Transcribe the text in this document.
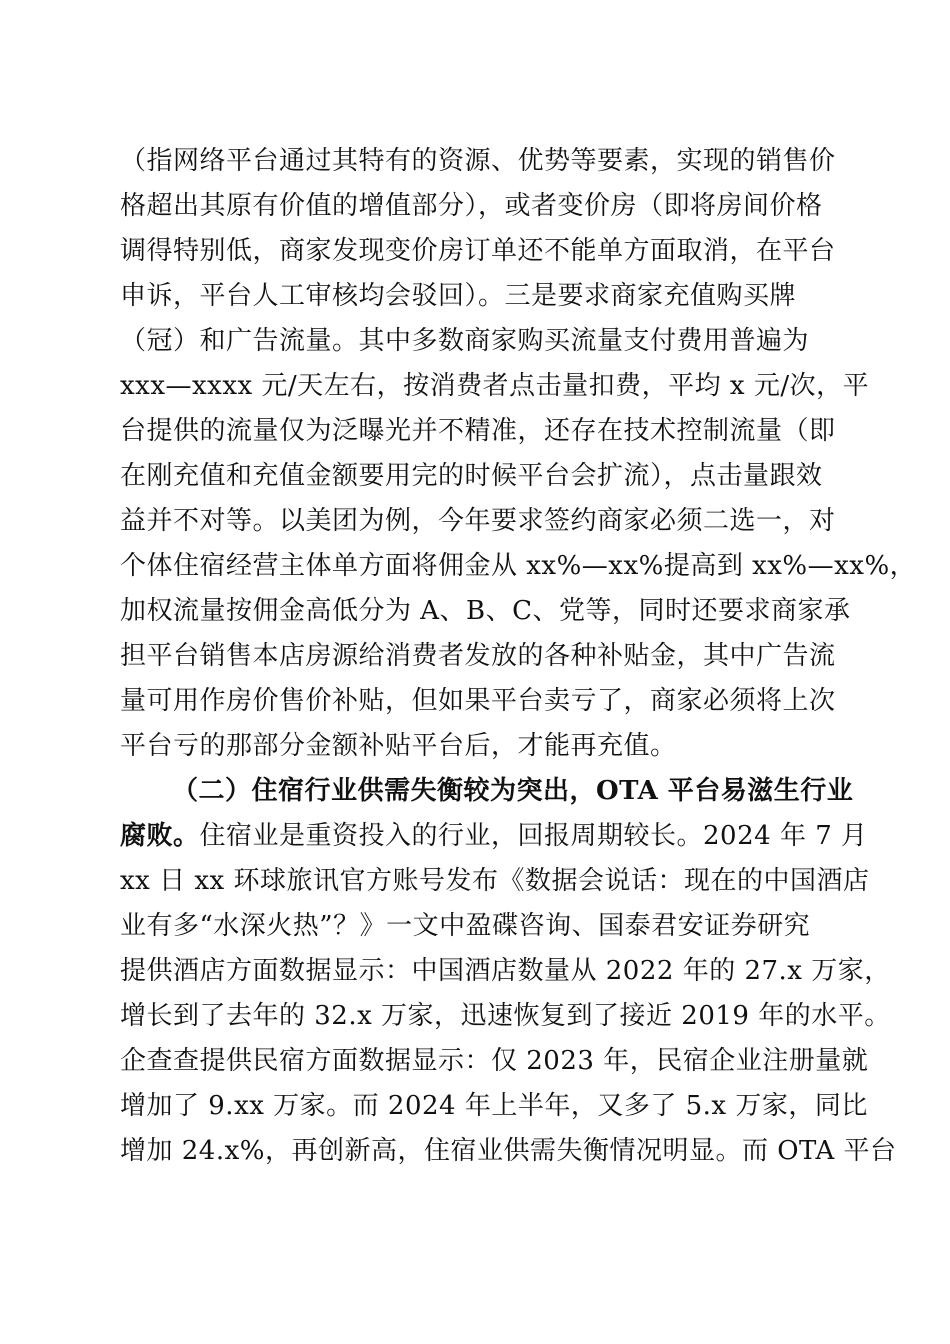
（指网络平台通过其特有的资源、优势等要素，实现的销售价
格超出其原有价值的增值部分），或者变价房（即将房间价格
调得特别低，商家发现变价房订单还不能单方面取消，在平台
申诉，平台人工审核均会驳回）。三是要求商家充值购买牌
（冠）和广告流量。其中多数商家购买流量支付费用普遍为
xxx—xxxx 元/天左右，按消费者点击量扣费，平均 x 元/次，平
台提供的流量仅为泛曝光并不精准，还存在技术控制流量（即
在刚充值和充值金额要用完的时候平台会扩流），点击量跟效
益并不对等。以美团为例，今年要求签约商家必须二选一，对
个体住宿经营主体单方面将佣金从 xx%—xx%提高到 xx%—xx%，
加权流量按佣金高低分为 A、B、C、党等，同时还要求商家承
担平台销售本店房源给消费者发放的各种补贴金，其中广告流
量可用作房价售价补贴，但如果平台卖亏了，商家必须将上次
平台亏的那部分金额补贴平台后，才能再充值。
（二）住宿行业供需失衡较为突出，OTA 平台易滋生行业
腐败。住宿业是重资投入的行业，回报周期较长。2024 年 7 月
xx 日 xx 环球旅讯官方账号发布《数据会说话：现在的中国酒店
业有多“水深火热”？》一文中盈碟咨询、国泰君安证券研究
提供酒店方面数据显示：中国酒店数量从 2022 年的 27.x 万家，
增长到了去年的 32.x 万家，迅速恢复到了接近 2019 年的水平。
企查查提供民宿方面数据显示：仅 2023 年，民宿企业注册量就
增加了 9.xx 万家。而 2024 年上半年，又多了 5.x 万家，同比
增加 24.x%，再创新高，住宿业供需失衡情况明显。而 OTA 平台
